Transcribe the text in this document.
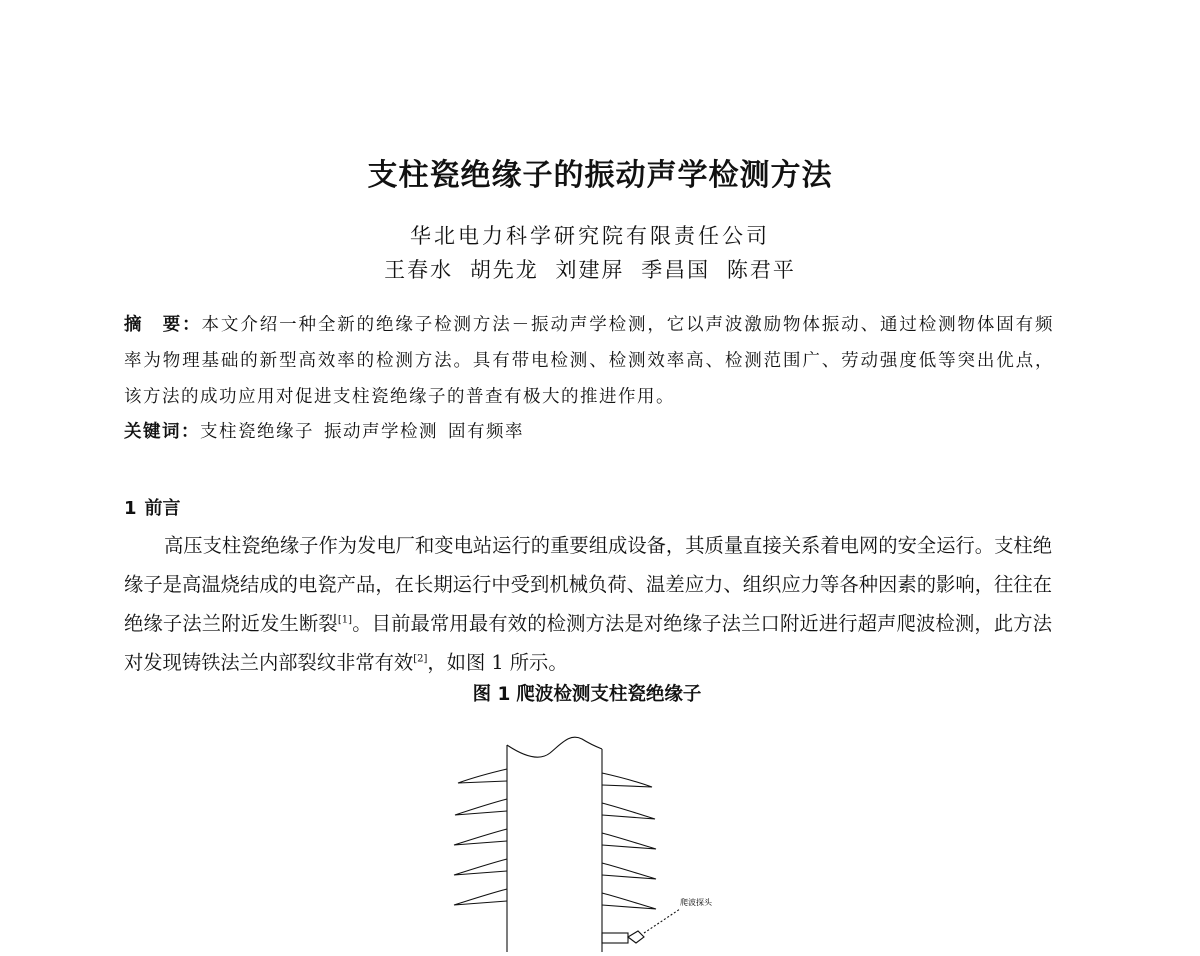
支柱瓷绝缘子的振动声学检测方法
华北电力科学研究院有限责任公司
王春水 胡先龙 刘建屏 季昌国 陈君平

摘　要：本文介绍一种全新的绝缘子检测方法－振动声学检测，它以声波激励物体振动、通过检测物体固有频率为物理基础的新型高效率的检测方法。具有带电检测、检测效率高、检测范围广、劳动强度低等突出优点，该方法的成功应用对促进支柱瓷绝缘子的普查有极大的推进作用。

关键词：支柱瓷绝缘子 振动声学检测 固有频率

1 前言

高压支柱瓷绝缘子作为发电厂和变电站运行的重要组成设备，其质量直接关系着电网的安全运行。支柱绝缘子是高温烧结成的电瓷产品，在长期运行中受到机械负荷、温差应力、组织应力等各种因素的影响，往往在绝缘子法兰附近发生断裂[1]。目前最常用最有效的检测方法是对绝缘子法兰口附近进行超声爬波检测，此方法对发现铸铁法兰内部裂纹非常有效[2]，如图 1 所示。

图 1 爬波检测支柱瓷绝缘子

爬波探头
